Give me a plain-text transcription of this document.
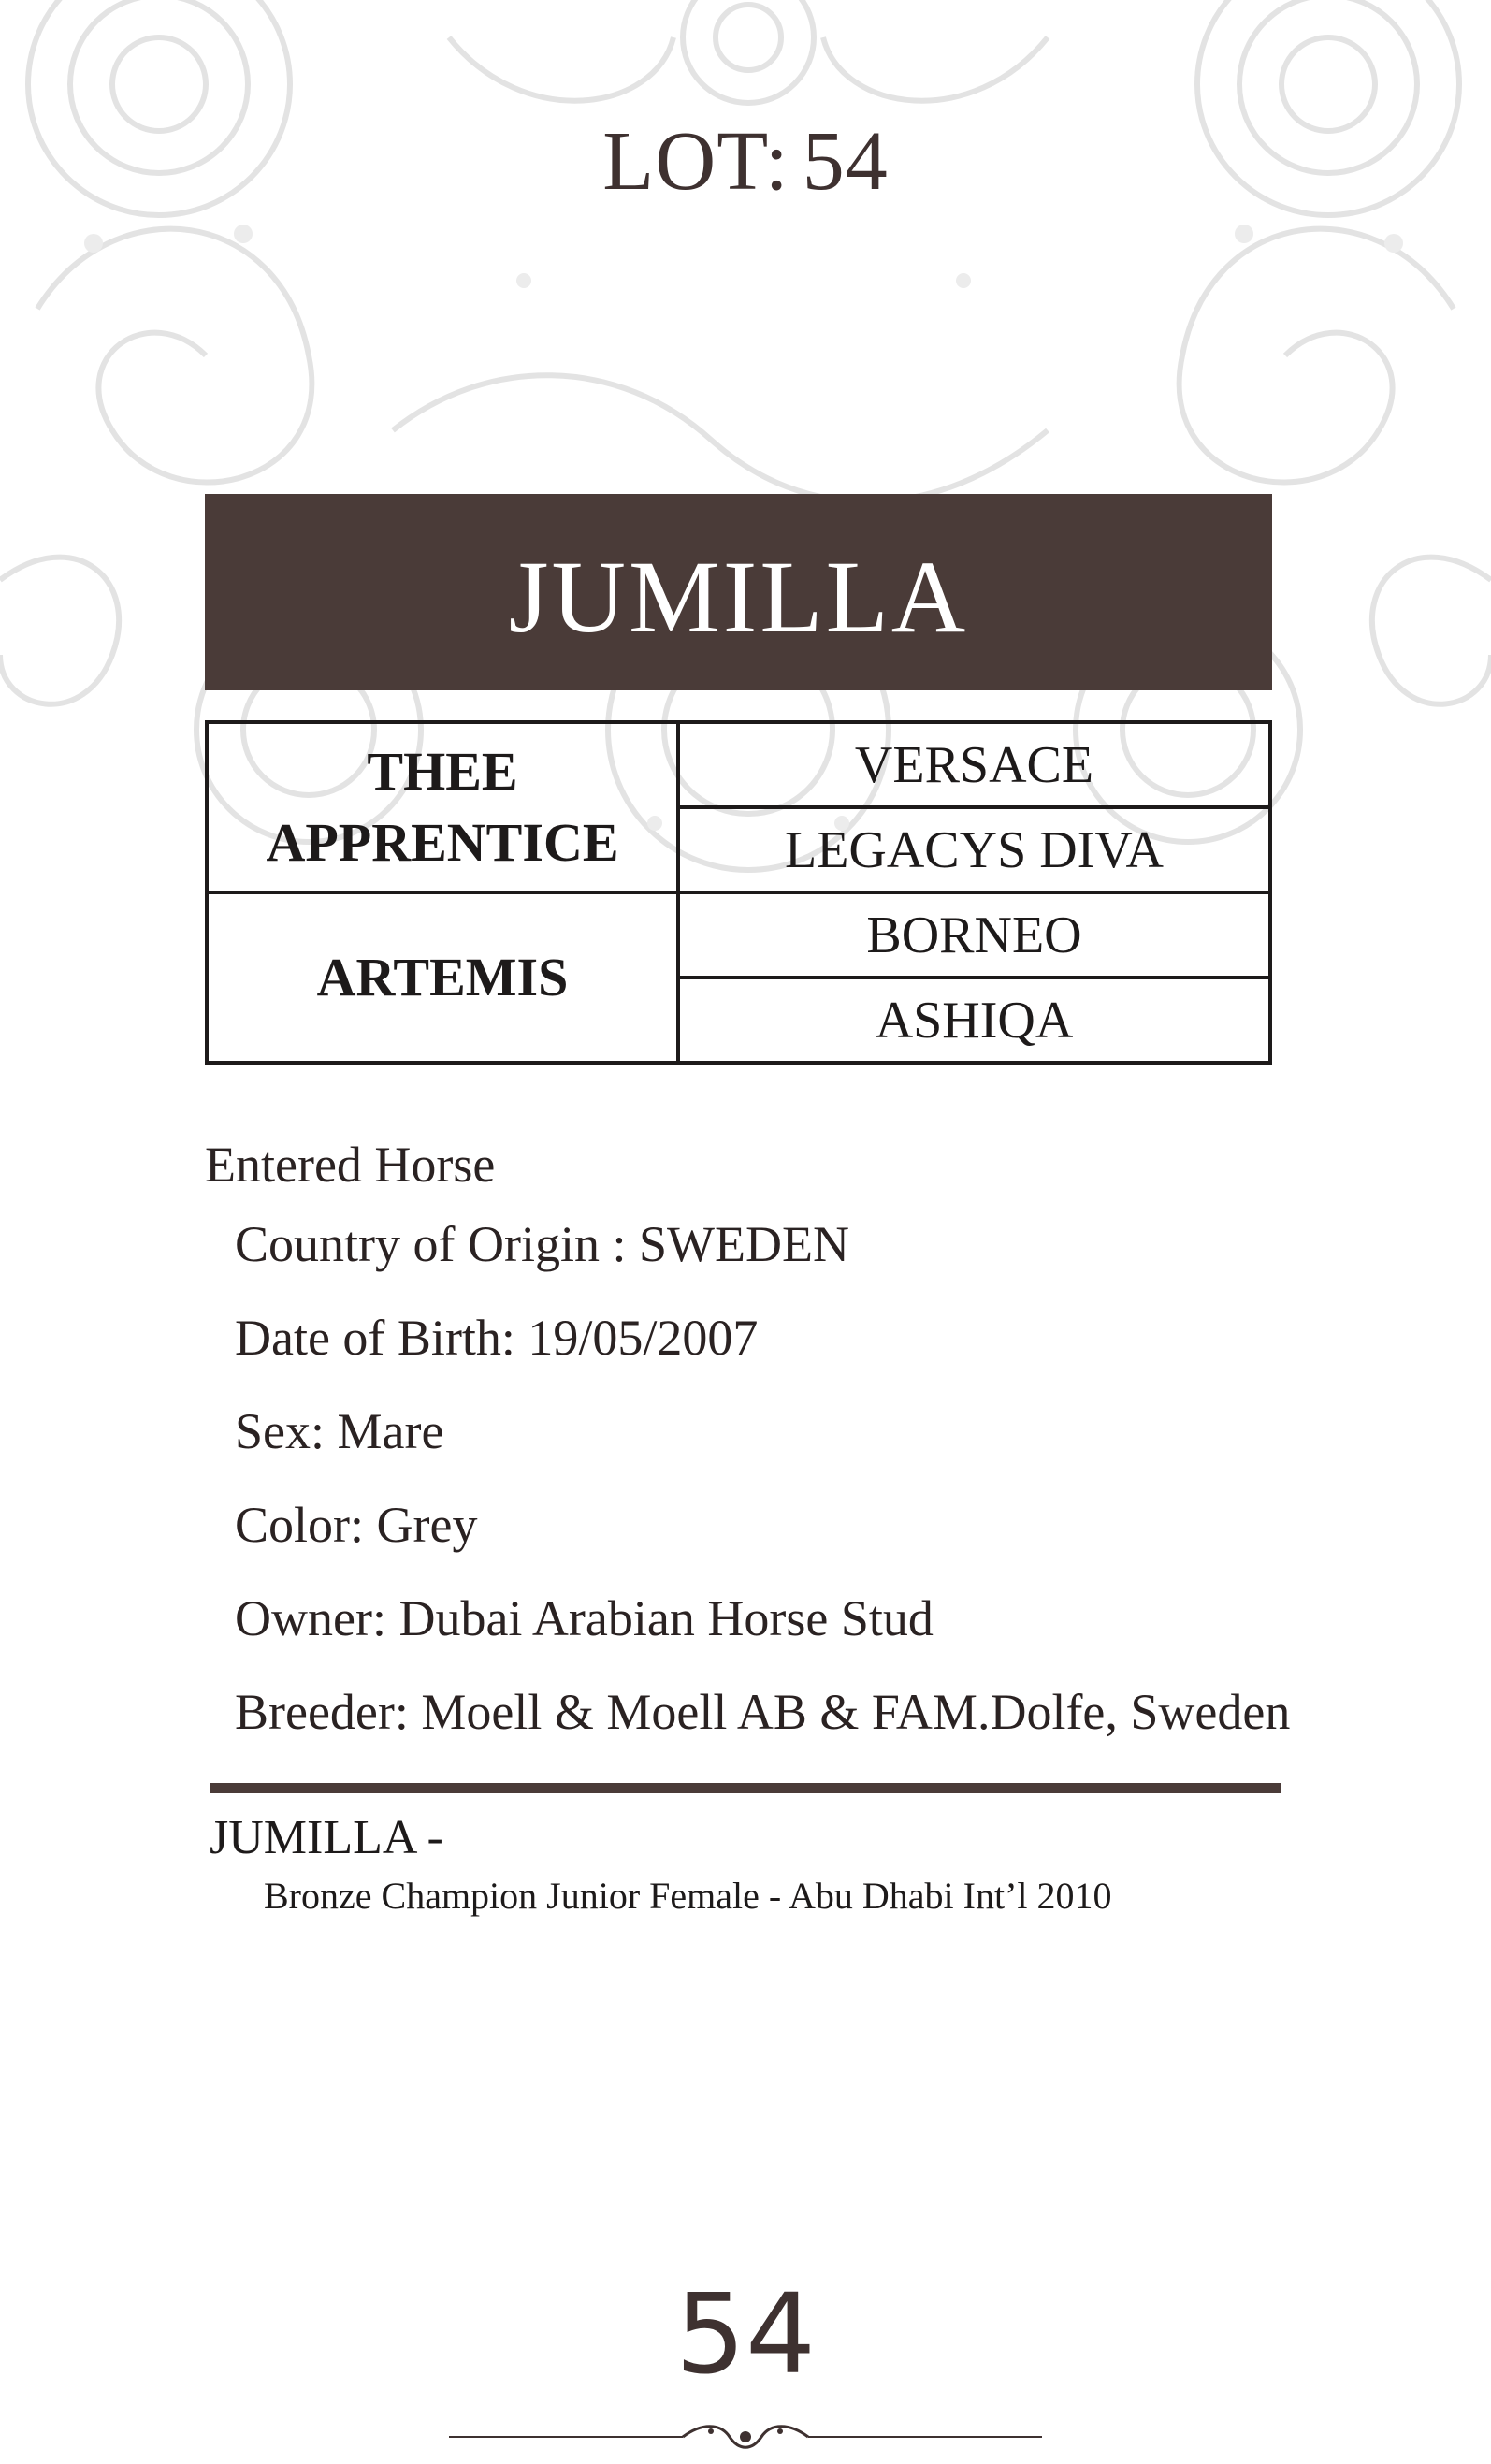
LOT: 54
JUMILLA
THEE APPRENTICE	VERSACE
	LEGACYS DIVA
ARTEMIS	BORNEO
	ASHIQA

Entered Horse

Country of Origin : SWEDEN
Date of Birth: 19/05/2007
Sex: Mare
Color: Grey
Owner: Dubai Arabian Horse Stud
Breeder: Moell & Moell AB & FAM.Dolfe, Sweden
JUMILLA -
Bronze Champion Junior Female - Abu Dhabi Int’l 2010
54
